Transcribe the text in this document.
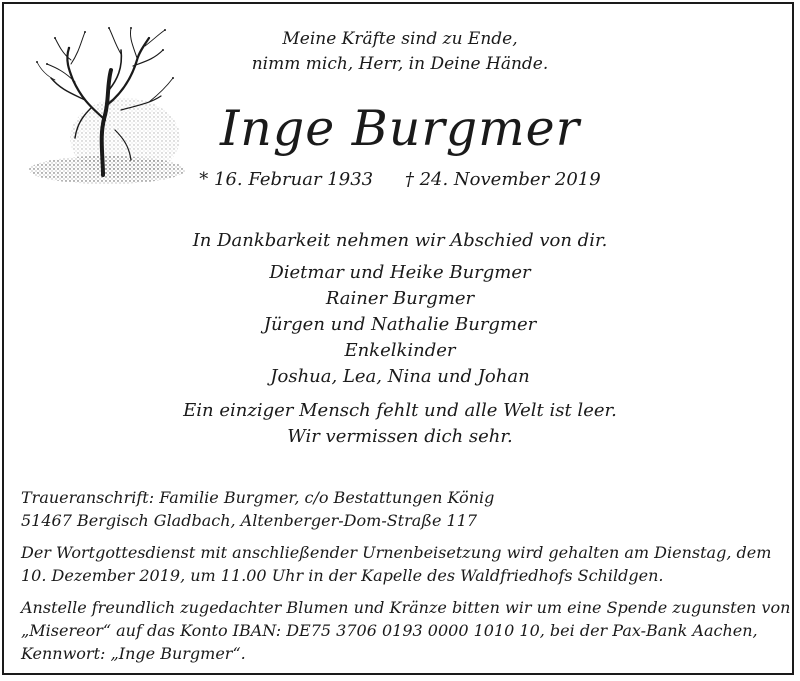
Meine Kräfte sind zu Ende,
nimm mich, Herr, in Deine Hände.
Inge Burgmer
* 16. Februar 1933 † 24. November 2019
In Dankbarkeit nehmen wir Abschied von dir.
Dietmar und Heike Burgmer
Rainer Burgmer
Jürgen und Nathalie Burgmer
Enkelkinder
Joshua, Lea, Nina und Johan
Ein einziger Mensch fehlt und alle Welt ist leer.
Wir vermissen dich sehr.
Traueranschrift: Familie Burgmer, c/o Bestattungen König
51467 Bergisch Gladbach, Altenberger-Dom-Straße 117
Der Wortgottesdienst mit anschließender Urnenbeisetzung wird gehalten am Dienstag, dem
10. Dezember 2019, um 11.00 Uhr in der Kapelle des Waldfriedhofs Schildgen.
Anstelle freundlich zugedachter Blumen und Kränze bitten wir um eine Spende zugunsten von
„Misereor“ auf das Konto IBAN: DE75 3706 0193 0000 1010 10, bei der Pax-Bank Aachen,
Kennwort: „Inge Burgmer“.
